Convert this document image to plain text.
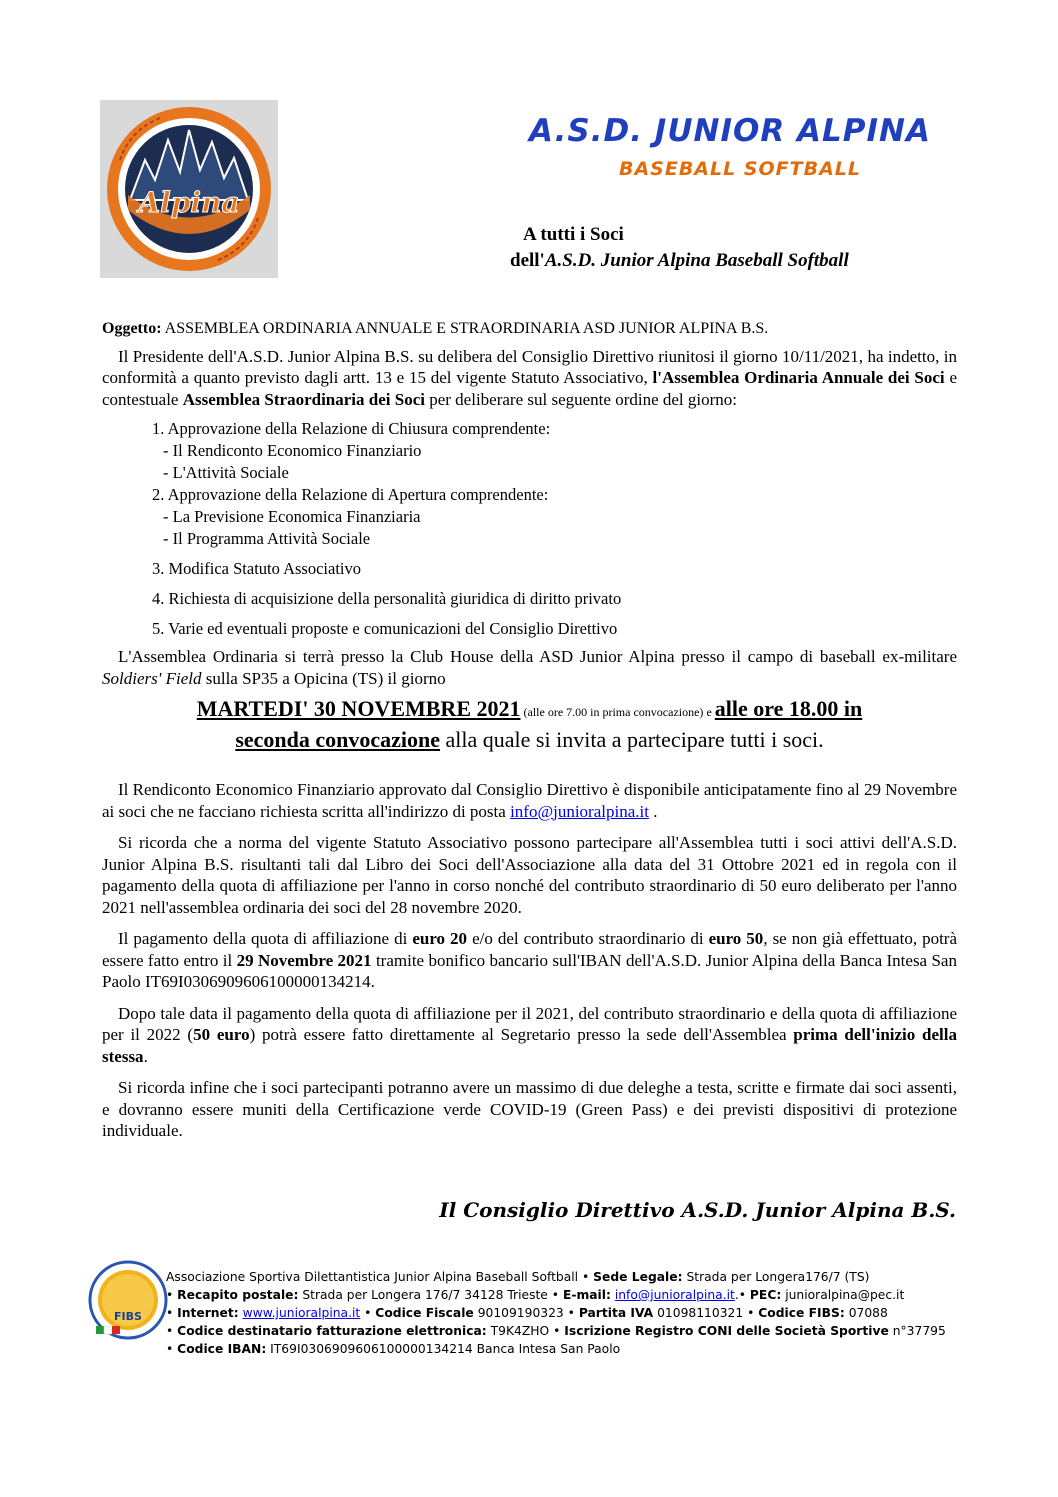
Alpina
A.S.D. JUNIOR ALPINA
BASEBALL SOFTBALL
A tutti i Soci
dell'A.S.D. Junior Alpina Baseball Softball
Oggetto: ASSEMBLEA ORDINARIA ANNUALE E STRAORDINARIA ASD JUNIOR ALPINA B.S.

Il Presidente dell'A.S.D. Junior Alpina B.S. su delibera del Consiglio Direttivo riunitosi il giorno 10/11/2021, ha indetto, in conformità a quanto previsto dagli artt. 13 e 15 del vigente Statuto Associativo, l'Assemblea Ordinaria Annuale dei Soci e contestuale Assemblea Straordinaria dei Soci per deliberare sul seguente ordine del giorno:

1. Approvazione della Relazione di Chiusura comprendente:
- Il Rendiconto Economico Finanziario
- L'Attività Sociale
2. Approvazione della Relazione di Apertura comprendente:
- La Previsione Economica Finanziaria
- Il Programma Attività Sociale
3. Modifica Statuto Associativo
4. Richiesta di acquisizione della personalità giuridica di diritto privato
5. Varie ed eventuali proposte e comunicazioni del Consiglio Direttivo

L'Assemblea Ordinaria si terrà presso la Club House della ASD Junior Alpina presso il campo di baseball ex-militare Soldiers' Field sulla SP35 a Opicina (TS) il giorno

MARTEDI' 30 NOVEMBRE 2021 (alle ore 7.00 in prima convocazione) e alle ore 18.00 in
seconda convocazione alla quale si invita a partecipare tutti i soci.

Il Rendiconto Economico Finanziario approvato dal Consiglio Direttivo è disponibile anticipatamente fino al 29 Novembre ai soci che ne facciano richiesta scritta all'indirizzo di posta info@junioralpina.it .

Si ricorda che a norma del vigente Statuto Associativo possono partecipare all'Assemblea tutti i soci attivi dell'A.S.D. Junior Alpina B.S. risultanti tali dal Libro dei Soci dell'Associazione alla data del 31 Ottobre 2021 ed in regola con il pagamento della quota di affiliazione per l'anno in corso nonché del contributo straordinario di 50 euro deliberato per l'anno 2021 nell'assemblea ordinaria dei soci del 28 novembre 2020.

Il pagamento della quota di affiliazione di euro 20 e/o del contributo straordinario di euro 50, se non già effettuato, potrà essere fatto entro il 29 Novembre 2021 tramite bonifico bancario sull'IBAN dell'A.S.D. Junior Alpina della Banca Intesa San Paolo IT69I0306909606100000134214.

Dopo tale data il pagamento della quota di affiliazione per il 2021, del contributo straordinario e della quota di affiliazione per il 2022 (50 euro) potrà essere fatto direttamente al Segretario presso la sede dell'Assemblea prima dell'inizio della stessa.

Si ricorda infine che i soci partecipanti potranno avere un massimo di due deleghe a testa, scritte e firmate dai soci assenti, e dovranno essere muniti della Certificazione verde COVID-19 (Green Pass) e dei previsti dispositivi di protezione individuale.

Il Consiglio Direttivo A.S.D. Junior Alpina B.S.
FIBS
Associazione Sportiva Dilettantistica Junior Alpina Baseball Softball • Sede Legale: Strada per Longera176/7 (TS)
• Recapito postale: Strada per Longera 176/7 34128 Trieste • E-mail: info@junioralpina.it.• PEC: junioralpina@pec.it
• Internet: www.junioralpina.it • Codice Fiscale 90109190323 • Partita IVA 01098110321 • Codice FIBS: 07088
• Codice destinatario fatturazione elettronica: T9K4ZHO • Iscrizione Registro CONI delle Società Sportive n°37795
• Codice IBAN: IT69I0306909606100000134214 Banca Intesa San Paolo
